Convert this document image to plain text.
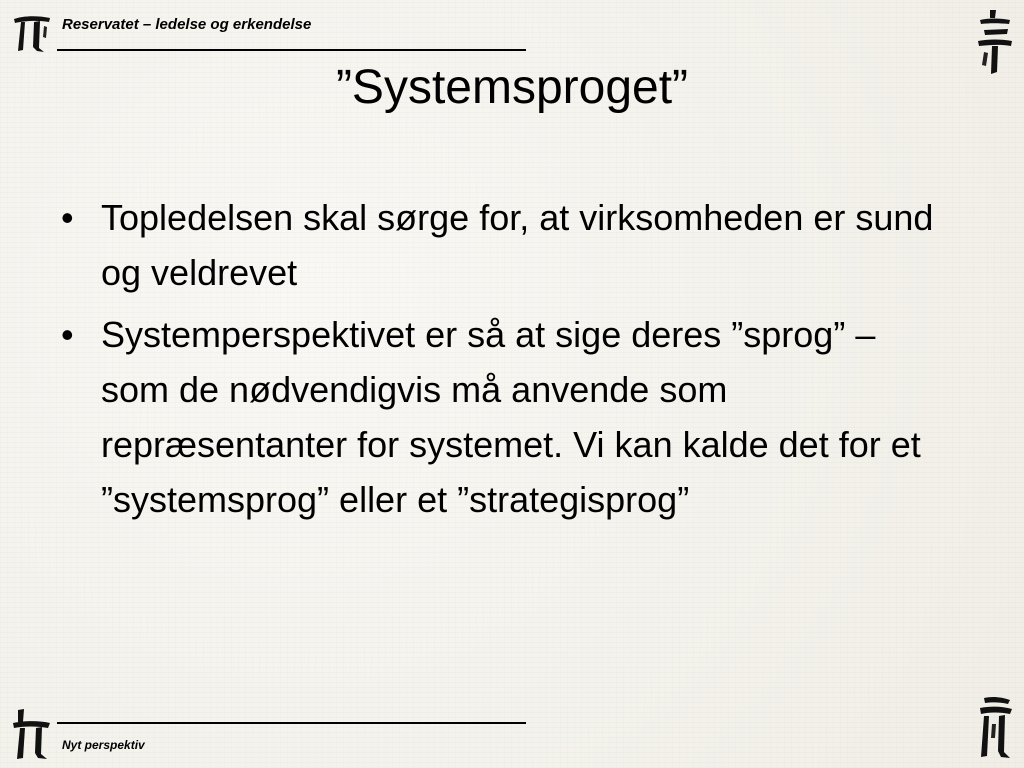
Reservatet – ledelse og erkendelse
”Systemsproget”
• Topledelsen skal sørge for, at virksomheden er sund og veldrevet
• Systemperspektivet er så at sige deres ”sprog” – som de nødvendigvis må anvende som repræsentanter for systemet. Vi kan kalde det for et ”systemsprog” eller et ”strategisprog”
Nyt perspektiv
